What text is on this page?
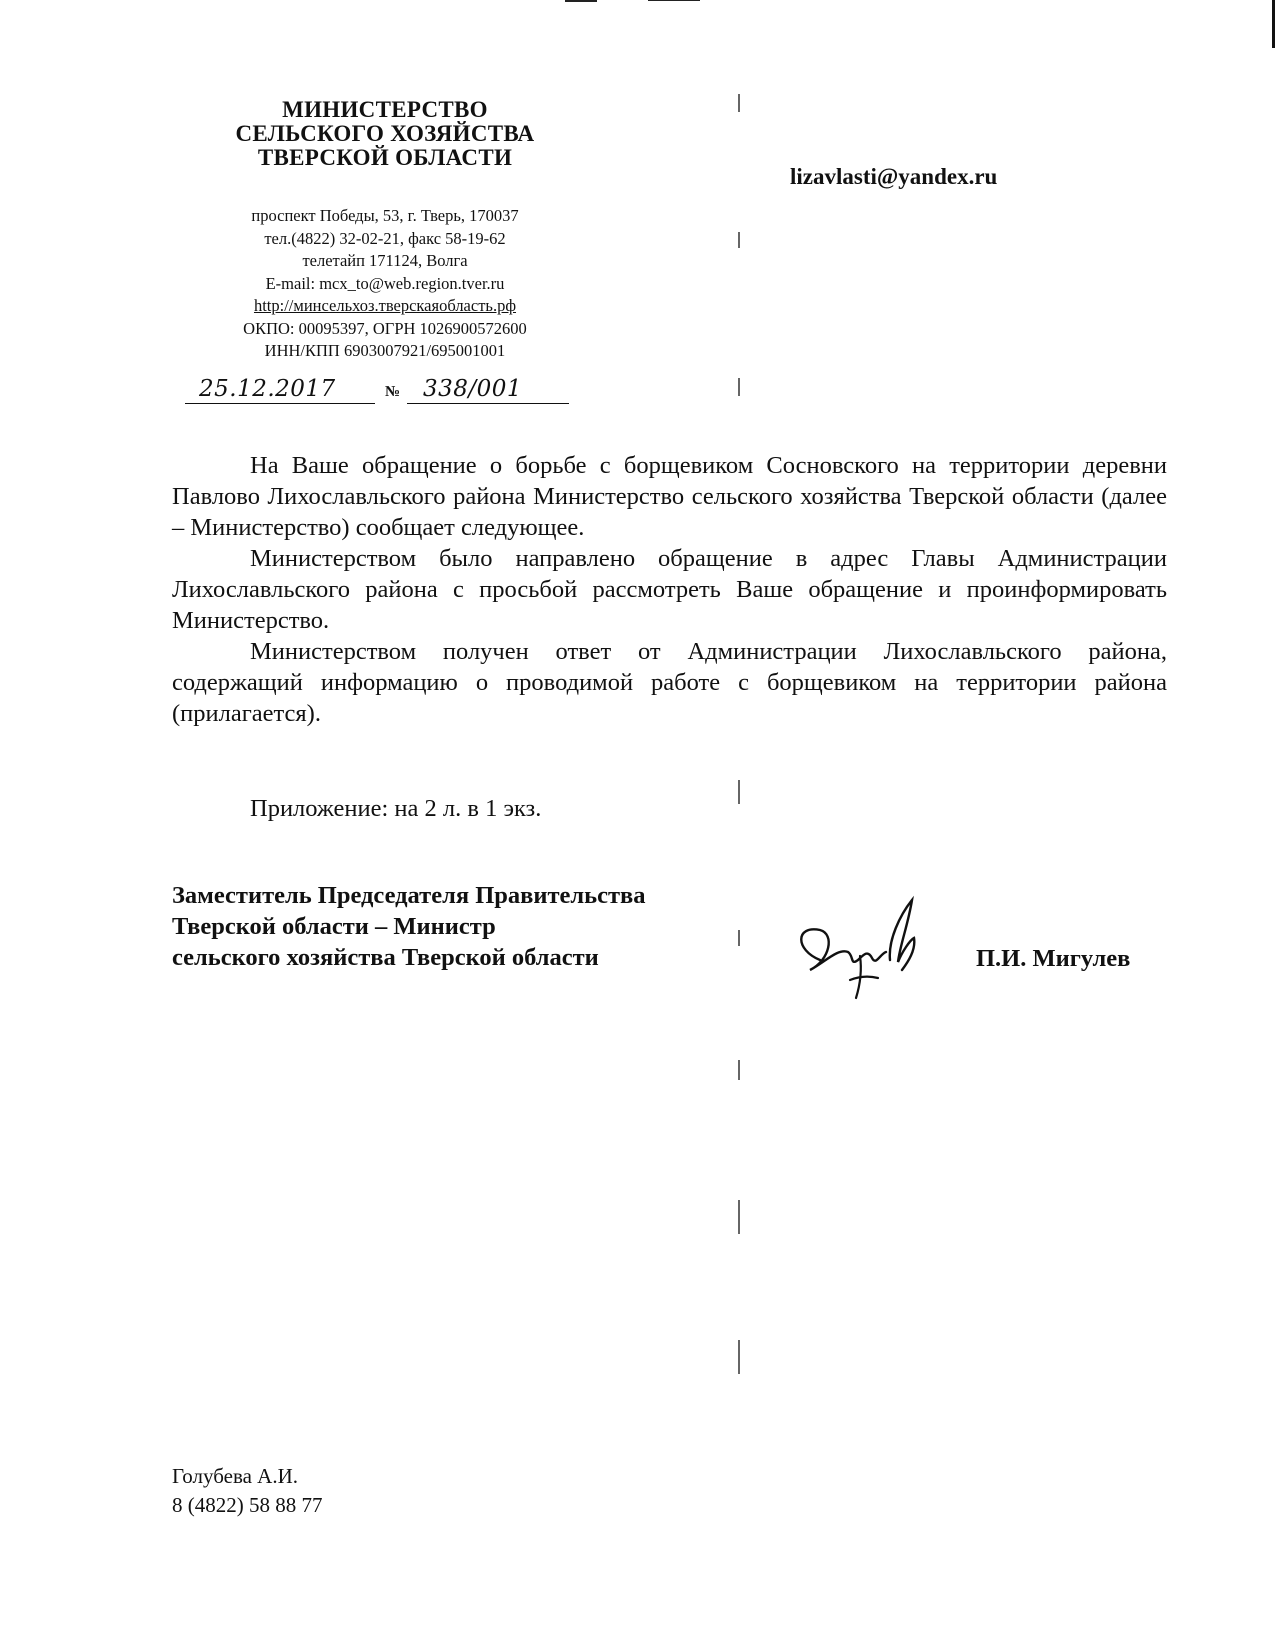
МИНИСТЕРСТВО
СЕЛЬСКОГО ХОЗЯЙСТВА
ТВЕРСКОЙ ОБЛАСТИ
проспект Победы, 53, г. Тверь, 170037
тел.(4822) 32-02-21, факс 58-19-62
телетайп 171124, Волга
E-mail: mcx_to@web.region.tver.ru
http://минсельхоз.тверскаяобласть.рф
ОКПО: 00095397, ОГРН 1026900572600
ИНН/КПП 6903007921/695001001
lizavlasti@yandex.ru
25.12.2017	№ 338/001

На Ваше обращение о борьбе с борщевиком Сосновского на территории деревни Павлово Лихославльского района Министерство сельского хозяйства Тверской области (далее – Министерство) сообщает следующее.

Министерством было направлено обращение в адрес Главы Администрации Лихославльского района с просьбой рассмотреть Ваше обращение и проинформировать Министерство.

Министерством получен ответ от Администрации Лихославльского района, содержащий информацию о проводимой работе с борщевиком на территории района (прилагается).

Приложение: на 2 л. в 1 экз.
Заместитель Председателя Правительства
Тверской области – Министр
сельского хозяйства Тверской области	П.И. Мигулев
Голубева А.И.
8 (4822) 58 88 77
